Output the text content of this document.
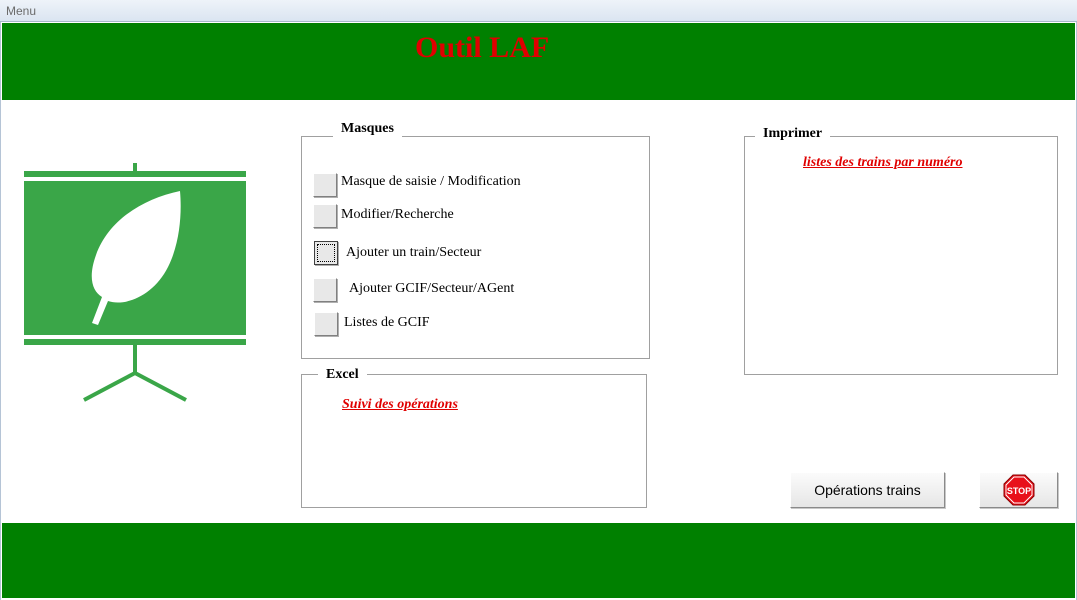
Menu
Outil LAF
Masques
Masque de saisie / Modification
Modifier/Recherche
Ajouter un train/Secteur
Ajouter GCIF/Secteur/AGent
Listes de GCIF
Excel
Suivi des opérations
Imprimer
listes des trains par numéro
Opérations trains	STOP
